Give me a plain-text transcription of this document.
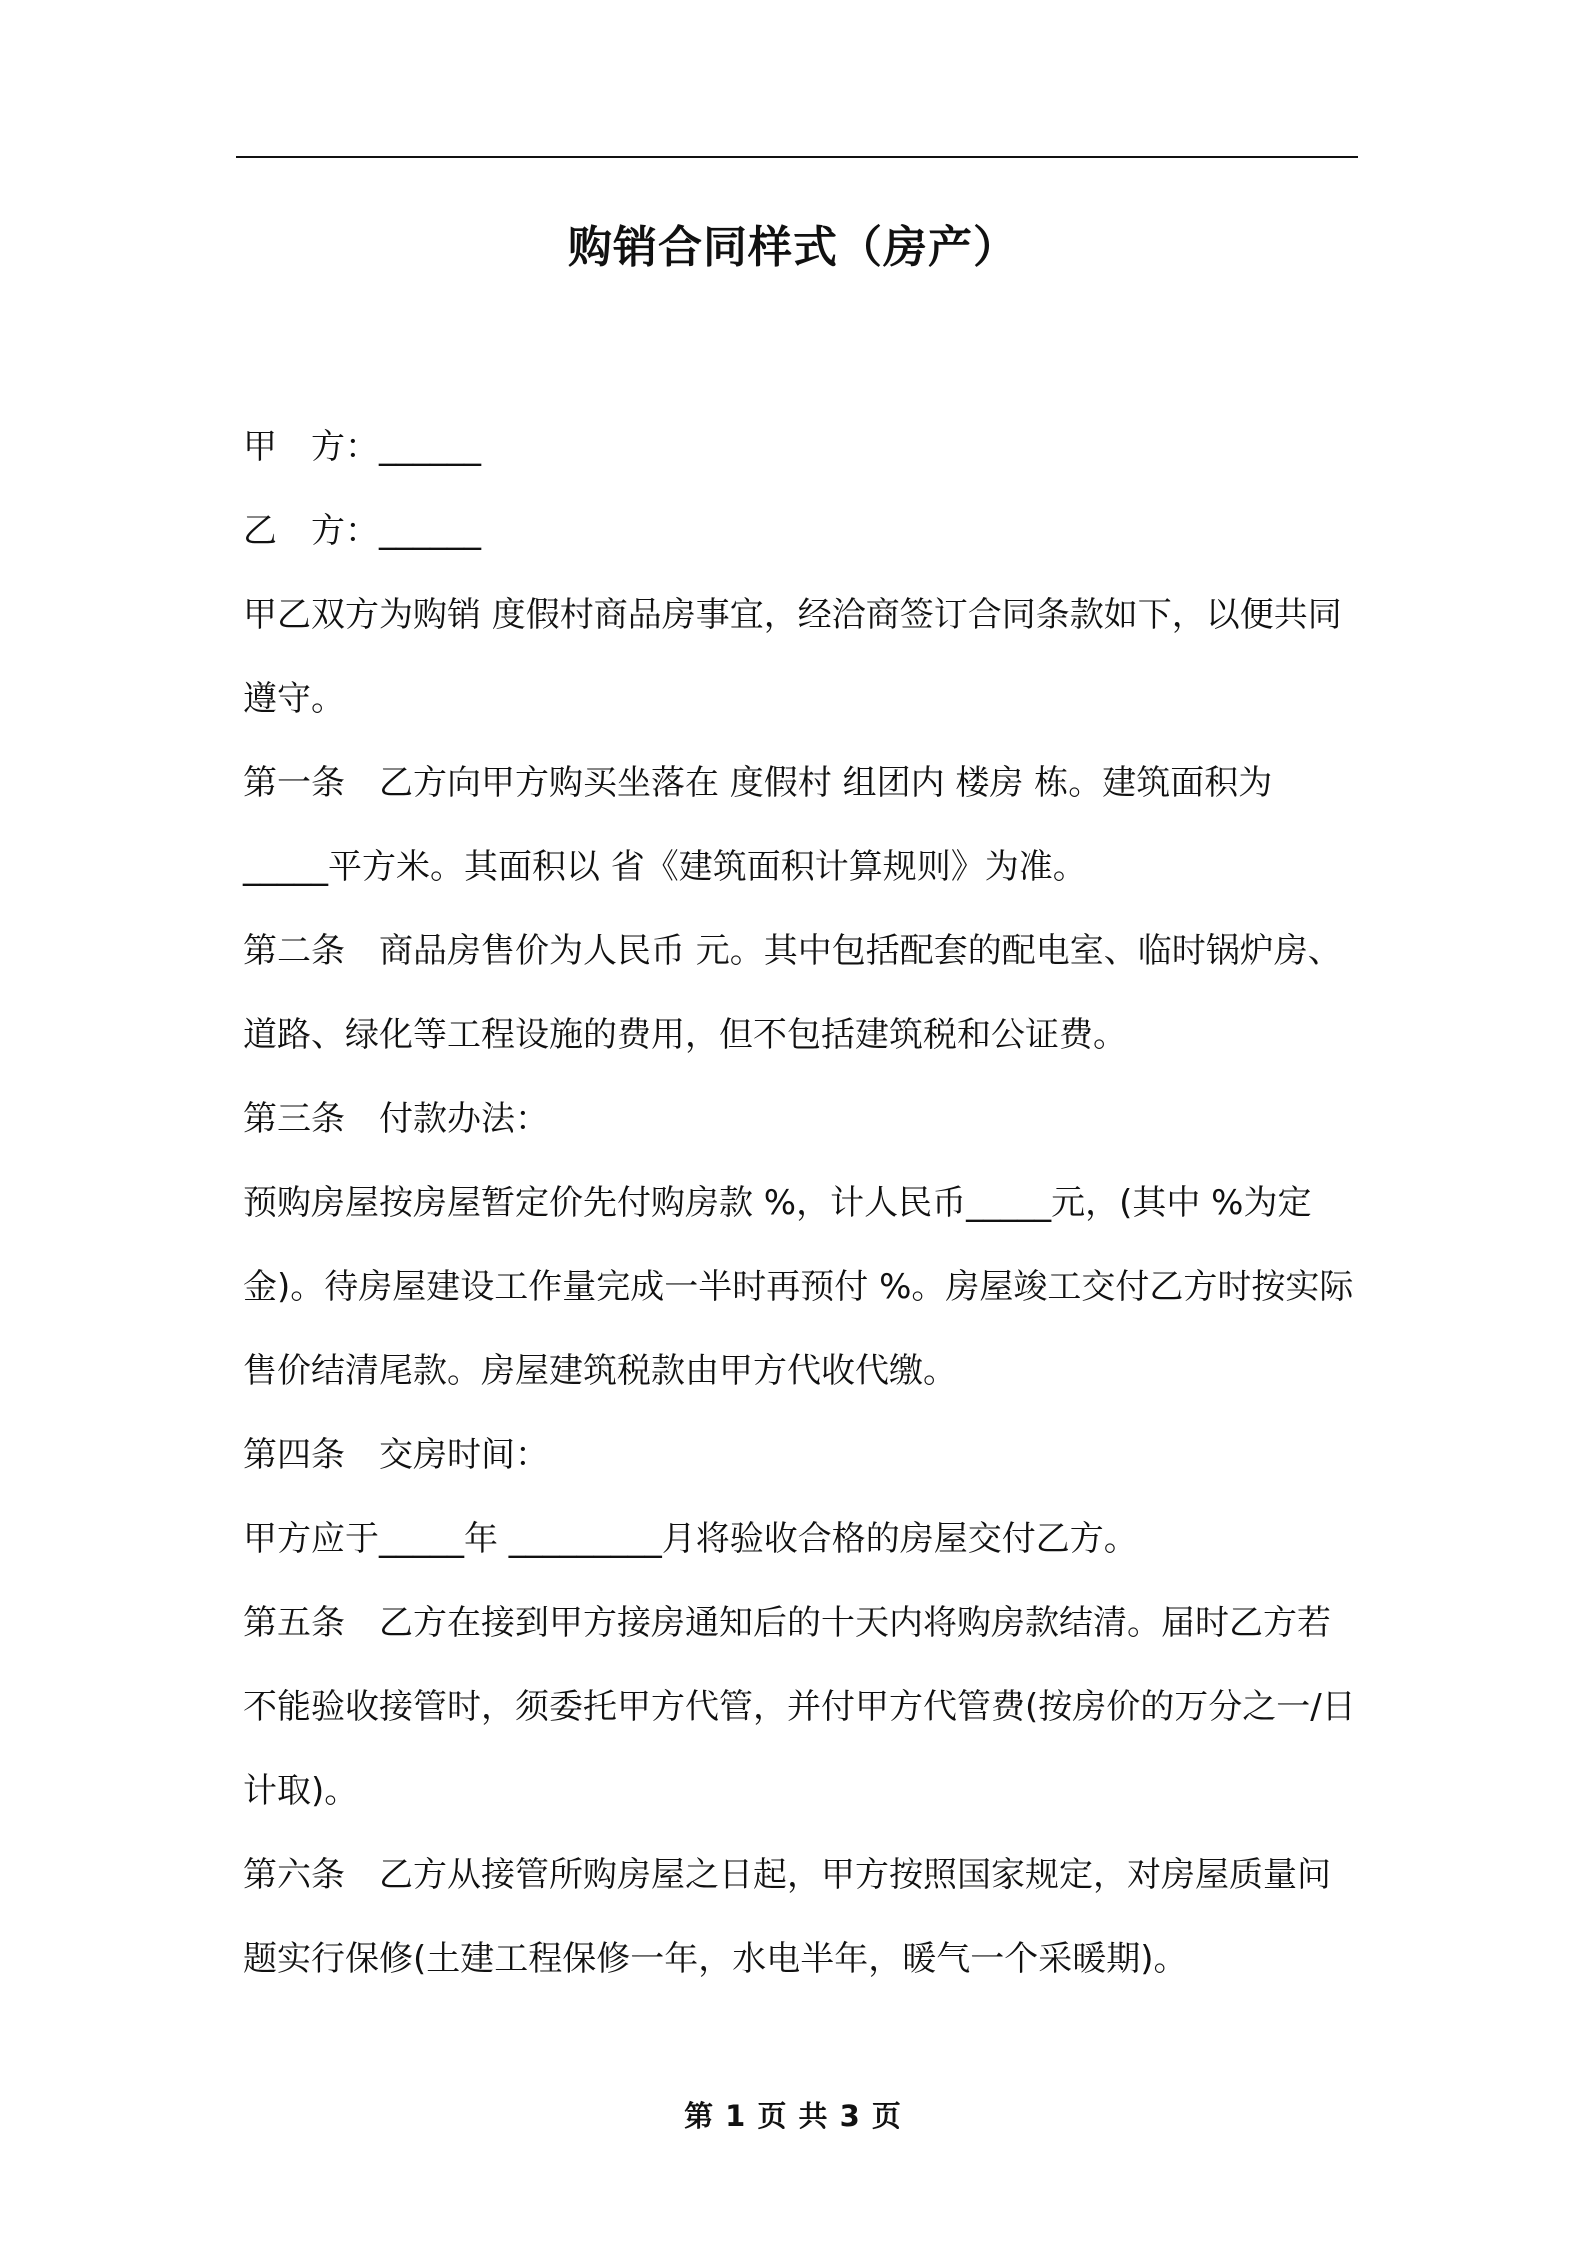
购销合同样式（房产）

甲　方：______

乙　方：______

甲乙双方为购销 度假村商品房事宜，经洽商签订合同条款如下，以便共同遵守。

第一条　乙方向甲方购买坐落在 度假村 组团内 楼房 栋。建筑面积为 _____平方米。其面积以 省《建筑面积计算规则》为准。

第二条　商品房售价为人民币 元。其中包括配套的配电室、临时锅炉房、道路、绿化等工程设施的费用，但不包括建筑税和公证费。

第三条　付款办法：

预购房屋按房屋暂定价先付购房款 %，计人民币_____元，(其中 %为定金)。待房屋建设工作量完成一半时再预付 %。房屋竣工交付乙方时按实际售价结清尾款。房屋建筑税款由甲方代收代缴。

第四条　交房时间：

甲方应于_____年 _________月将验收合格的房屋交付乙方。

第五条　乙方在接到甲方接房通知后的十天内将购房款结清。届时乙方若不能验收接管时，须委托甲方代管，并付甲方代管费(按房价的万分之一/日计取)。

第六条　乙方从接管所购房屋之日起，甲方按照国家规定，对房屋质量问题实行保修(土建工程保修一年，水电半年，暖气一个采暖期)。

第 1 页 共 3 页
